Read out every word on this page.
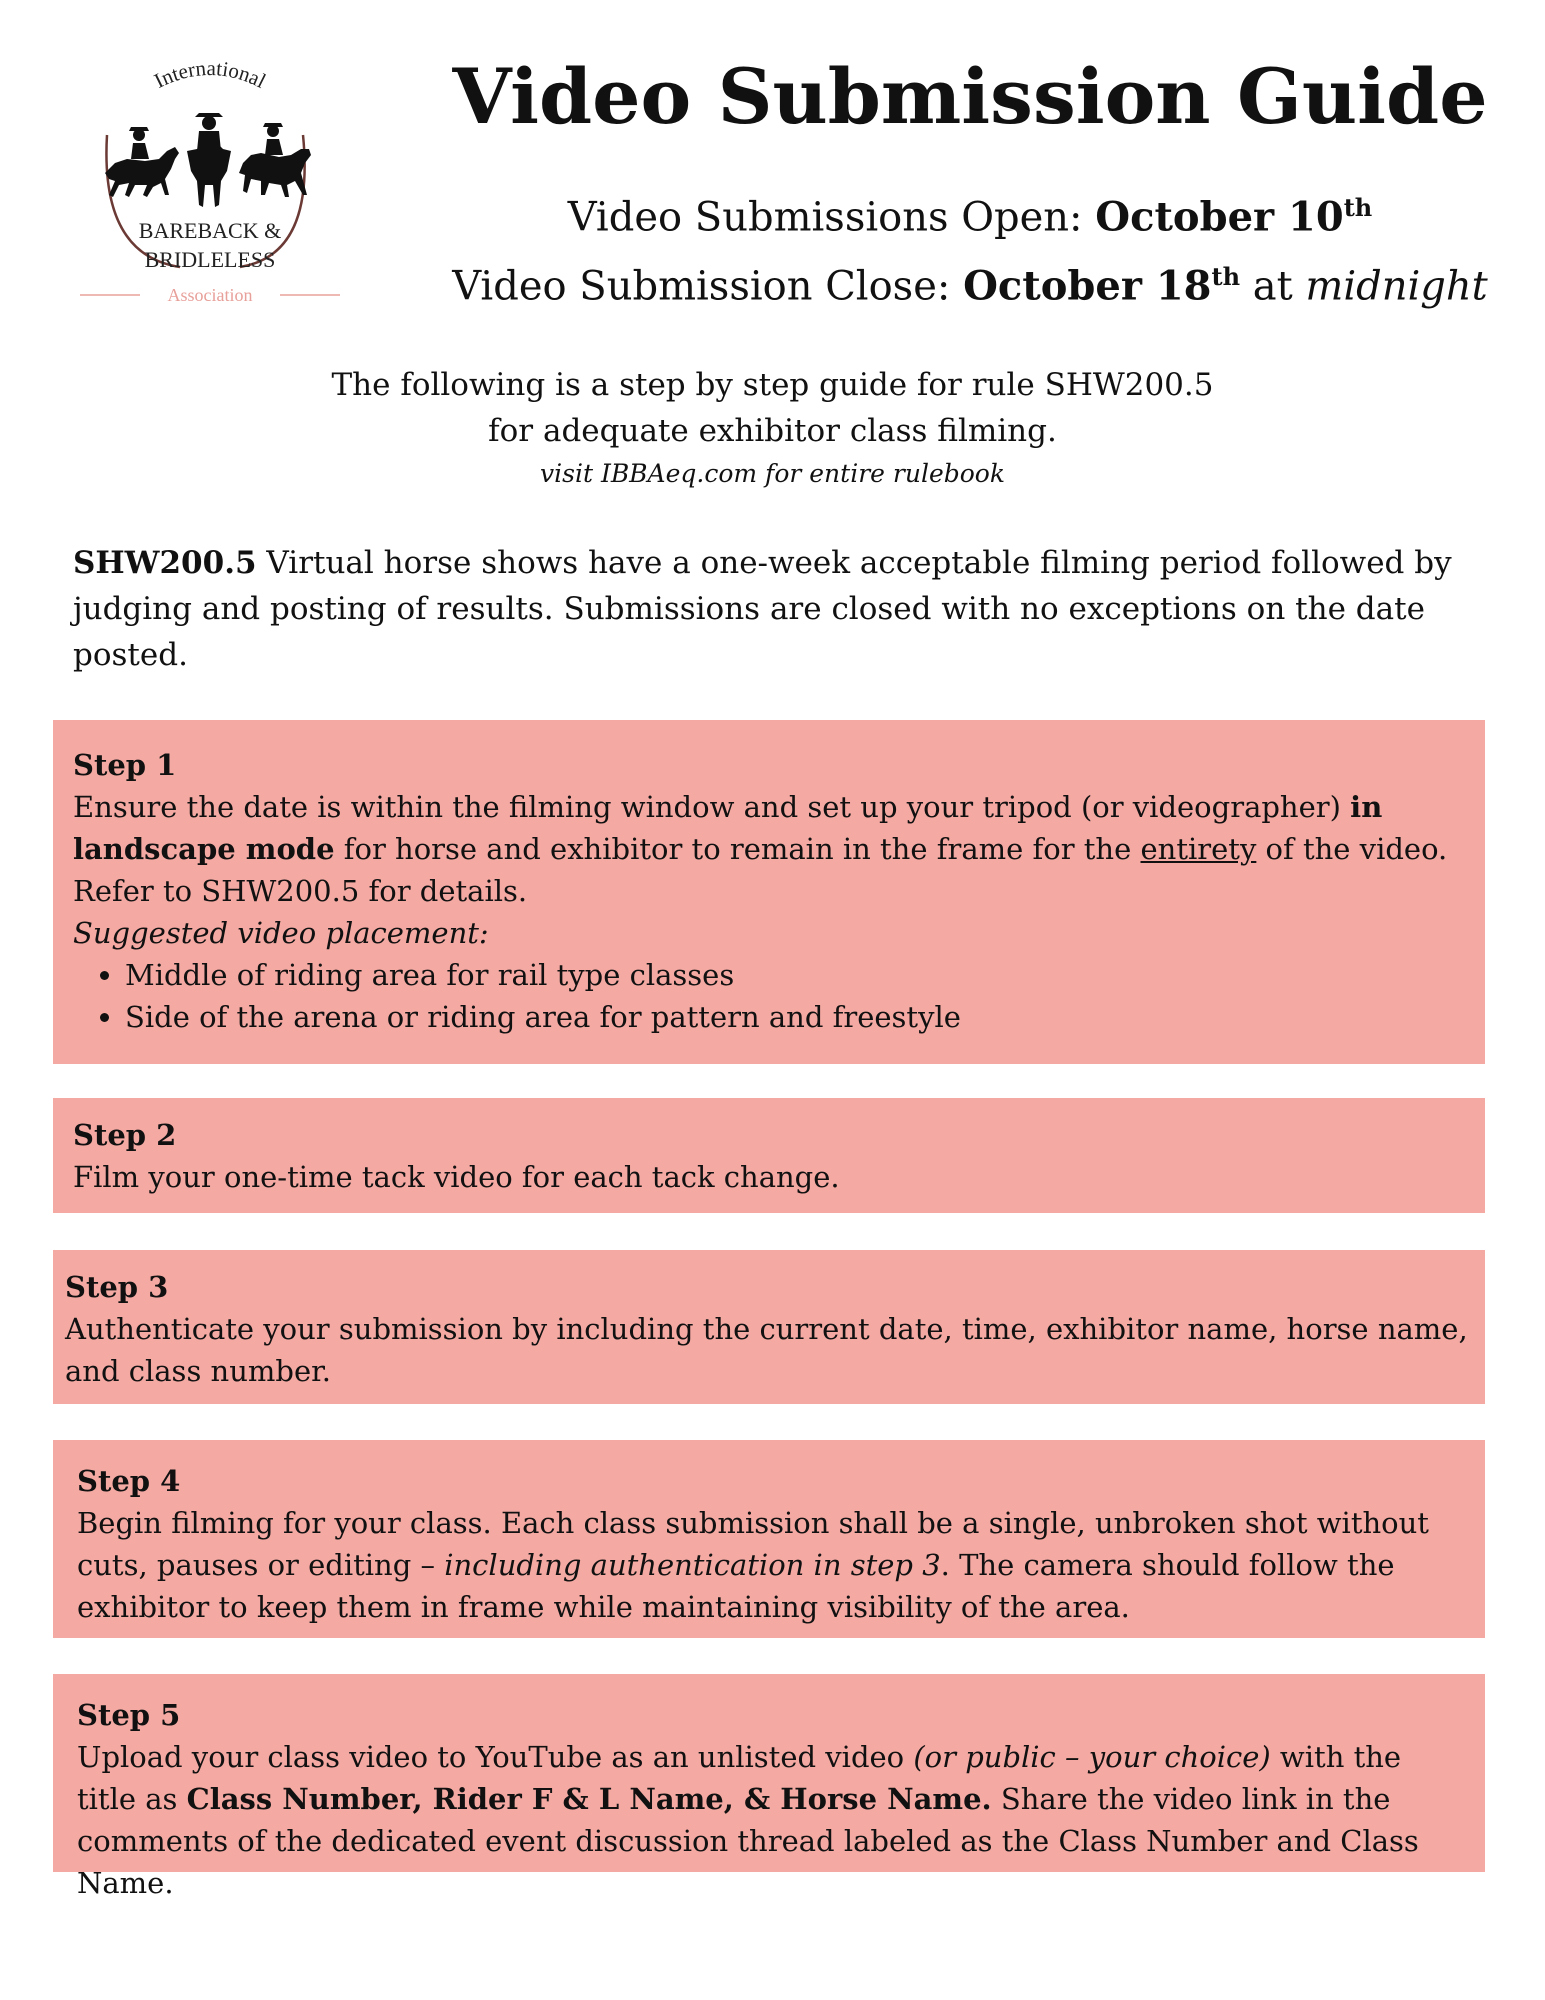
International
BAREBACK &
BRIDLELESS
Association
Video Submission Guide
Video Submissions Open: October 10th
Video Submission Close: October 18th at midnight
The following is a step by step guide for rule SHW200.5
for adequate exhibitor class filming.
visit IBBAeq.com for entire rulebook
SHW200.5 Virtual horse shows have a one-week acceptable filming period followed by judging and posting of results. Submissions are closed with no exceptions on the date posted.
Step 1
Ensure the date is within the filming window and set up your tripod (or videographer) in landscape mode for horse and exhibitor to remain in the frame for the entirety of the video. Refer to SHW200.5 for details.
Suggested video placement:
• Middle of riding area for rail type classes
• Side of the arena or riding area for pattern and freestyle
Step 2
Film your one-time tack video for each tack change.
Step 3
Authenticate your submission by including the current date, time, exhibitor name, horse name, and class number.
Step 4
Begin filming for your class. Each class submission shall be a single, unbroken shot without cuts, pauses or editing – including authentication in step 3. The camera should follow the exhibitor to keep them in frame while maintaining visibility of the area.
Step 5
Upload your class video to YouTube as an unlisted video (or public – your choice) with the title as Class Number, Rider F & L Name, & Horse Name. Share the video link in the comments of the dedicated event discussion thread labeled as the Class Number and Class Name.
